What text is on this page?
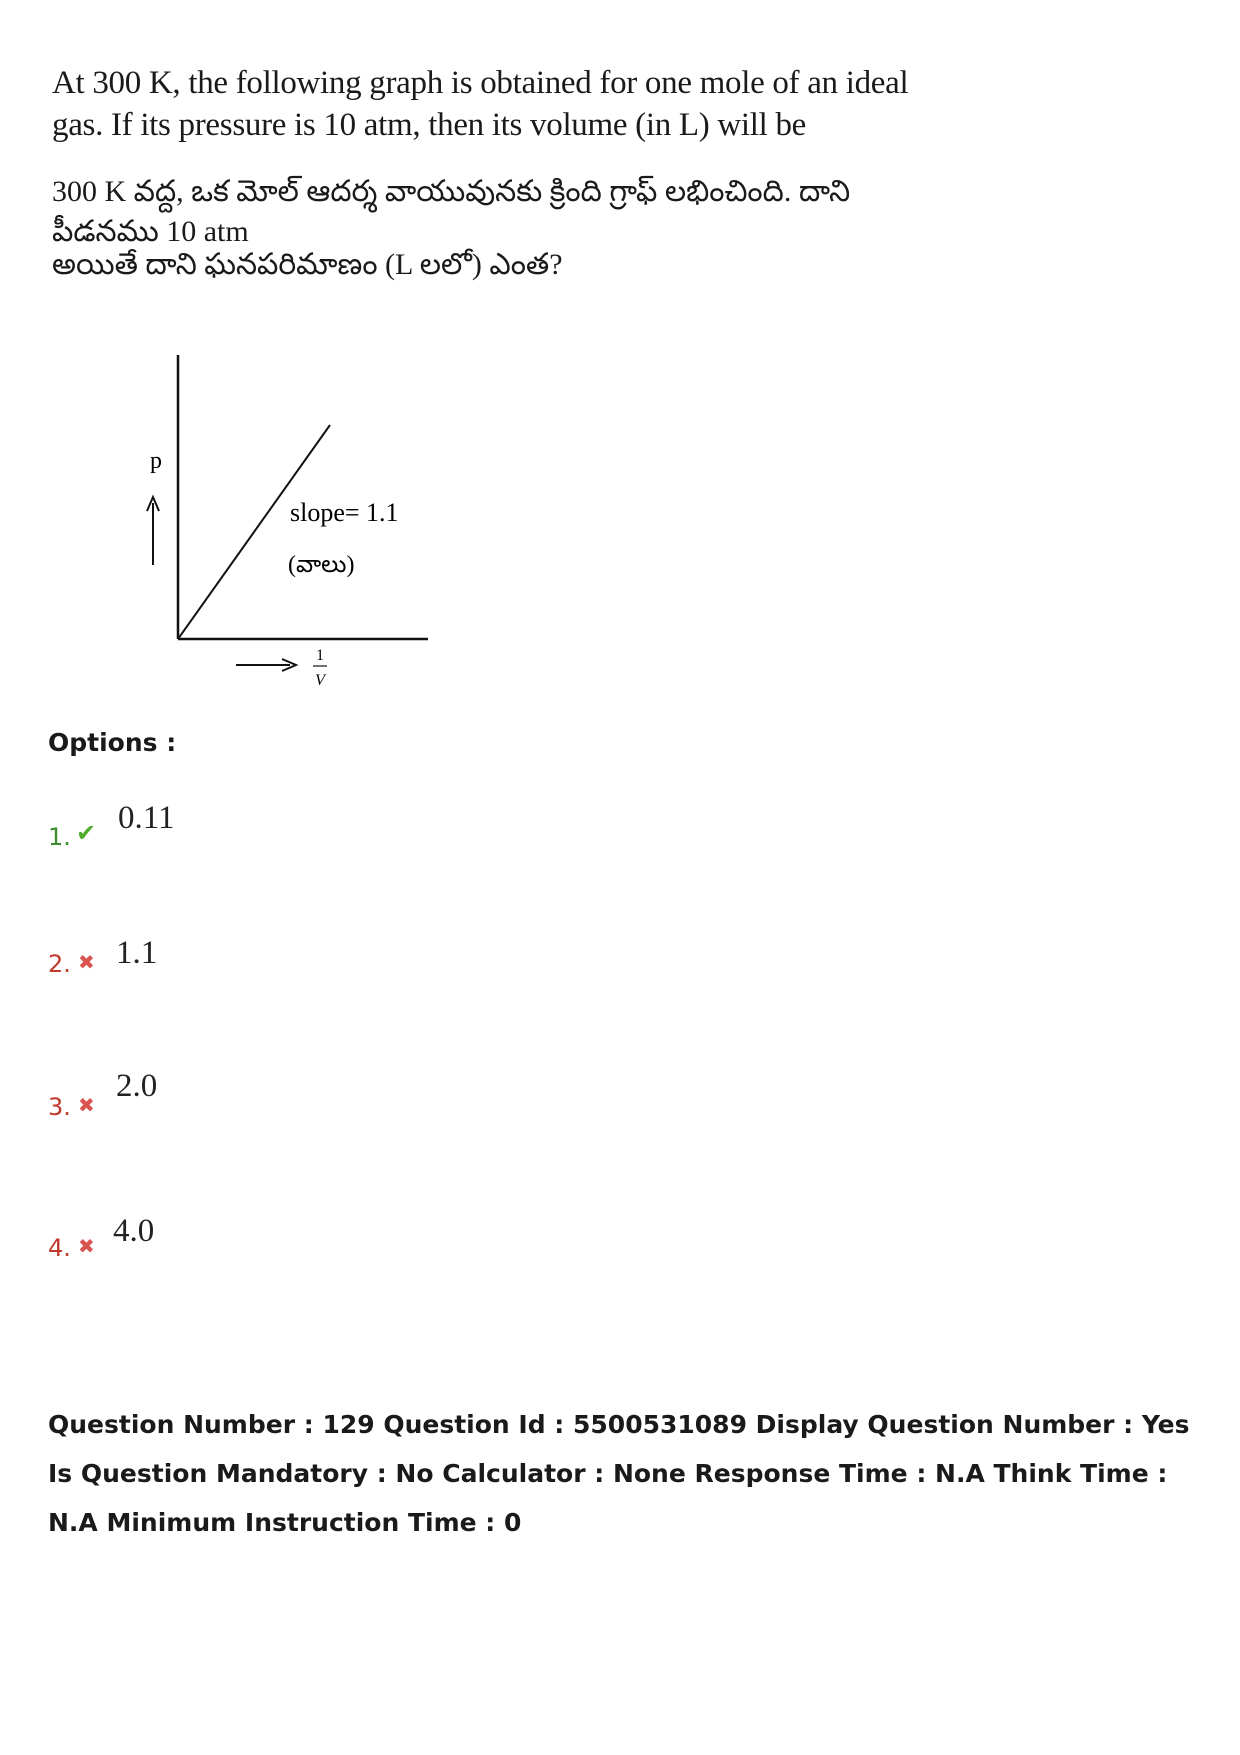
At 300 K, the following graph is obtained for one mole of an ideal gas. If its pressure is 10 atm, then its volume (in L) will be
300 K వద్ద, ఒక మోల్ ఆదర్శ వాయువునకు క్రింది గ్రాఫ్ లభించింది. దాని పీడనము 10 atm
అయితే దాని ఘనపరిమాణం (L లలో) ఎంత?
p
1
V
slope= 1.1
(వాలు)
Options :
1. ✔ 0.11
2. ✖ 1.1
3. ✖
2.0
4. ✖ 4.0
Question Number : 129 Question Id : 5500531089 Display Question Number : Yes Is Question Mandatory : No Calculator : None Response Time : N.A Think Time : N.A Minimum Instruction Time : 0
